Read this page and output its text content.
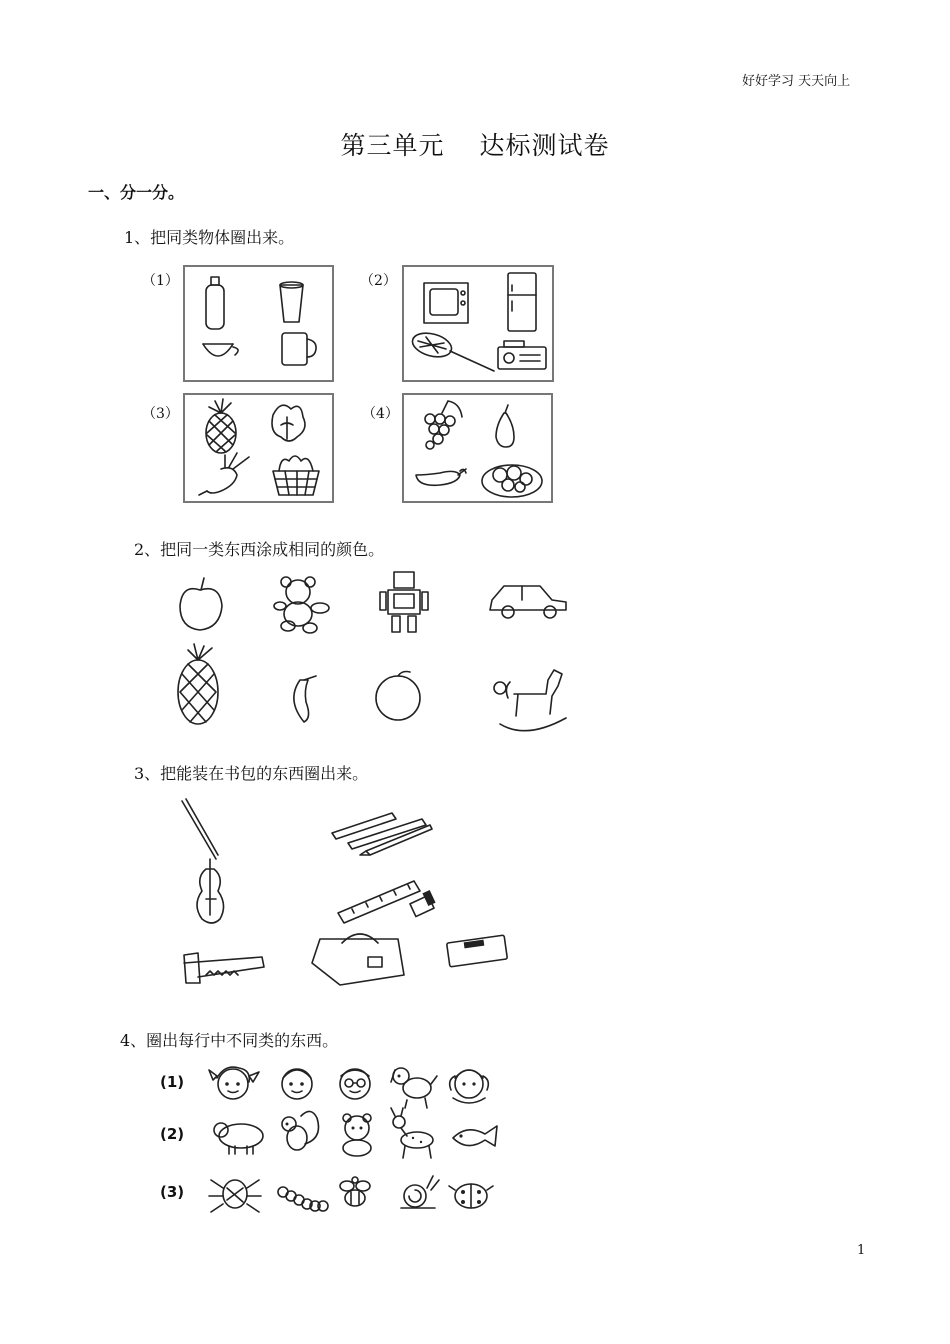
好好学习 天天向上
第三单元　 达标测试卷
一、分一分。
1、把同类物体圈出来。
（1）	（2）
（3）	（4）
2、把同一类东西涂成相同的颜色。
3、把能装在书包的东西圈出来。
4、圈出每行中不同类的东西。
(1)
(2)
(3)
1
